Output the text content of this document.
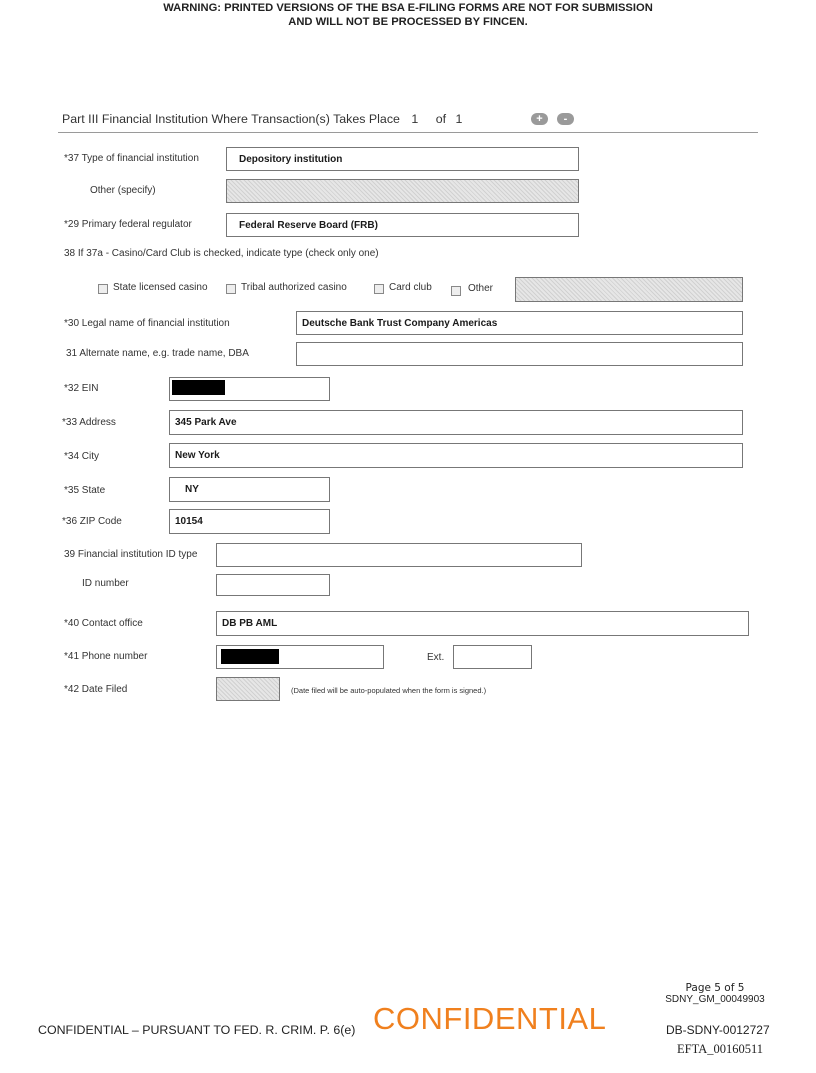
WARNING: PRINTED VERSIONS OF THE BSA E-FILING FORMS ARE NOT FOR SUBMISSION
AND WILL NOT BE PROCESSED BY FINCEN.
Part III Financial Institution Where Transaction(s) Takes Place 1 of 1	+	-
*37 Type of financial institution	Depository institution
Other (specify)
*29 Primary federal regulator	Federal Reserve Board (FRB)
38 If 37a - Casino/Card Club is checked, indicate type (check only one)
State licensed casino	Tribal authorized casino	Card club	Other
*30 Legal name of financial institution	Deutsche Bank Trust Company Americas
31 Alternate name, e.g. trade name, DBA
*32 EIN
*33 Address	345 Park Ave
*34 City	New York
*35 State	NY
*36 ZIP Code	10154
39 Financial institution ID type
ID number
*40 Contact office	DB PB AML
*41 Phone number	Ext.
*42 Date Filed	(Date filed will be auto-populated when the form is signed.)
Page 5 of 5
SDNY_GM_00049903
CONFIDENTIAL – PURSUANT TO FED. R. CRIM. P. 6(e) CONFIDENTIAL	DB-SDNY-0012727
EFTA_00160511
